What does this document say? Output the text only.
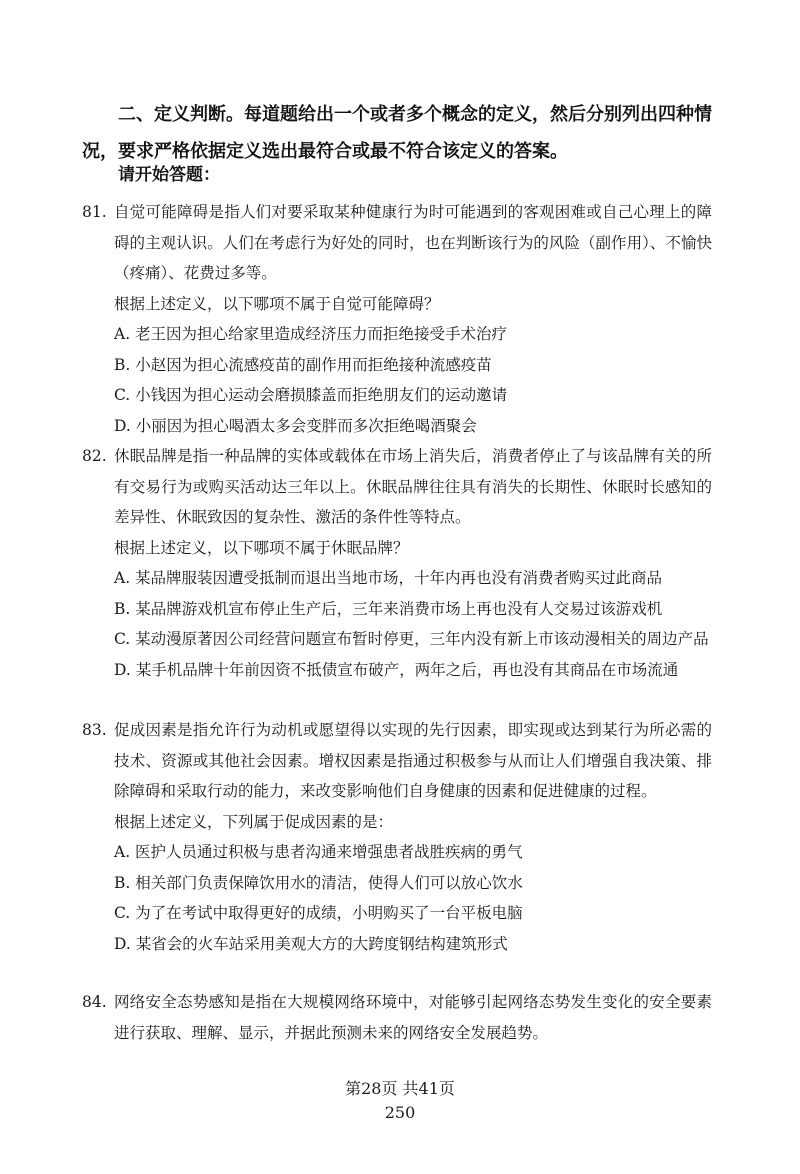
二、定义判断。每道题给出一个或者多个概念的定义，然后分别列出四种情况，要求严格依据定义选出最符合或最不符合该定义的答案。
请开始答题：
81. 自觉可能障碍是指人们对要采取某种健康行为时可能遇到的客观困难或自己心理上的障碍的主观认识。人们在考虑行为好处的同时，也在判断该行为的风险（副作用）、不愉快（疼痛）、花费过多等。
根据上述定义，以下哪项不属于自觉可能障碍？
A. 老王因为担心给家里造成经济压力而拒绝接受手术治疗
B. 小赵因为担心流感疫苗的副作用而拒绝接种流感疫苗
C. 小钱因为担心运动会磨损膝盖而拒绝朋友们的运动邀请
D. 小丽因为担心喝酒太多会变胖而多次拒绝喝酒聚会
82. 休眠品牌是指一种品牌的实体或载体在市场上消失后，消费者停止了与该品牌有关的所有交易行为或购买活动达三年以上。休眠品牌往往具有消失的长期性、休眠时长感知的差异性、休眠致因的复杂性、激活的条件性等特点。
根据上述定义，以下哪项不属于休眠品牌？
A. 某品牌服装因遭受抵制而退出当地市场，十年内再也没有消费者购买过此商品
B. 某品牌游戏机宣布停止生产后，三年来消费市场上再也没有人交易过该游戏机
C. 某动漫原著因公司经营问题宣布暂时停更，三年内没有新上市该动漫相关的周边产品
D. 某手机品牌十年前因资不抵债宣布破产，两年之后，再也没有其商品在市场流通
83. 促成因素是指允许行为动机或愿望得以实现的先行因素，即实现或达到某行为所必需的技术、资源或其他社会因素。增权因素是指通过积极参与从而让人们增强自我决策、排除障碍和采取行动的能力，来改变影响他们自身健康的因素和促进健康的过程。
根据上述定义，下列属于促成因素的是：
A. 医护人员通过积极与患者沟通来增强患者战胜疾病的勇气
B. 相关部门负责保障饮用水的清洁，使得人们可以放心饮水
C. 为了在考试中取得更好的成绩，小明购买了一台平板电脑
D. 某省会的火车站采用美观大方的大跨度钢结构建筑形式
84. 网络安全态势感知是指在大规模网络环境中，对能够引起网络态势发生变化的安全要素进行获取、理解、显示，并据此预测未来的网络安全发展趋势。
第28页 共41页
250
